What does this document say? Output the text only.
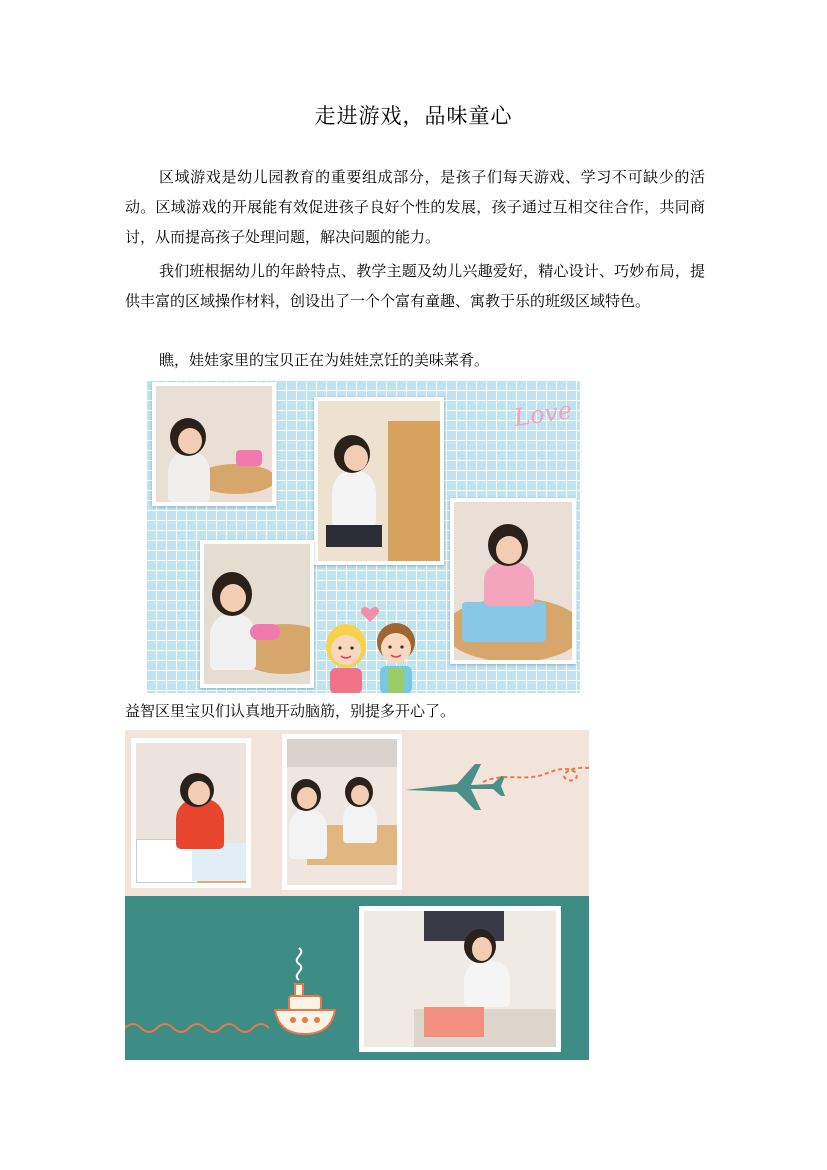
走进游戏，品味童心

区域游戏是幼儿园教育的重要组成部分，是孩子们每天游戏、学习不可缺少的活动。区域游戏的开展能有效促进孩子良好个性的发展，孩子通过互相交往合作，共同商讨，从而提高孩子处理问题，解决问题的能力。

我们班根据幼儿的年龄特点、教学主题及幼儿兴趣爱好，精心设计、巧妙布局，提供丰富的区域操作材料，创设出了一个个富有童趣、寓教于乐的班级区域特色。

瞧，娃娃家里的宝贝正在为娃娃烹饪的美味菜肴。

Love

益智区里宝贝们认真地开动脑筋，别提多开心了。
